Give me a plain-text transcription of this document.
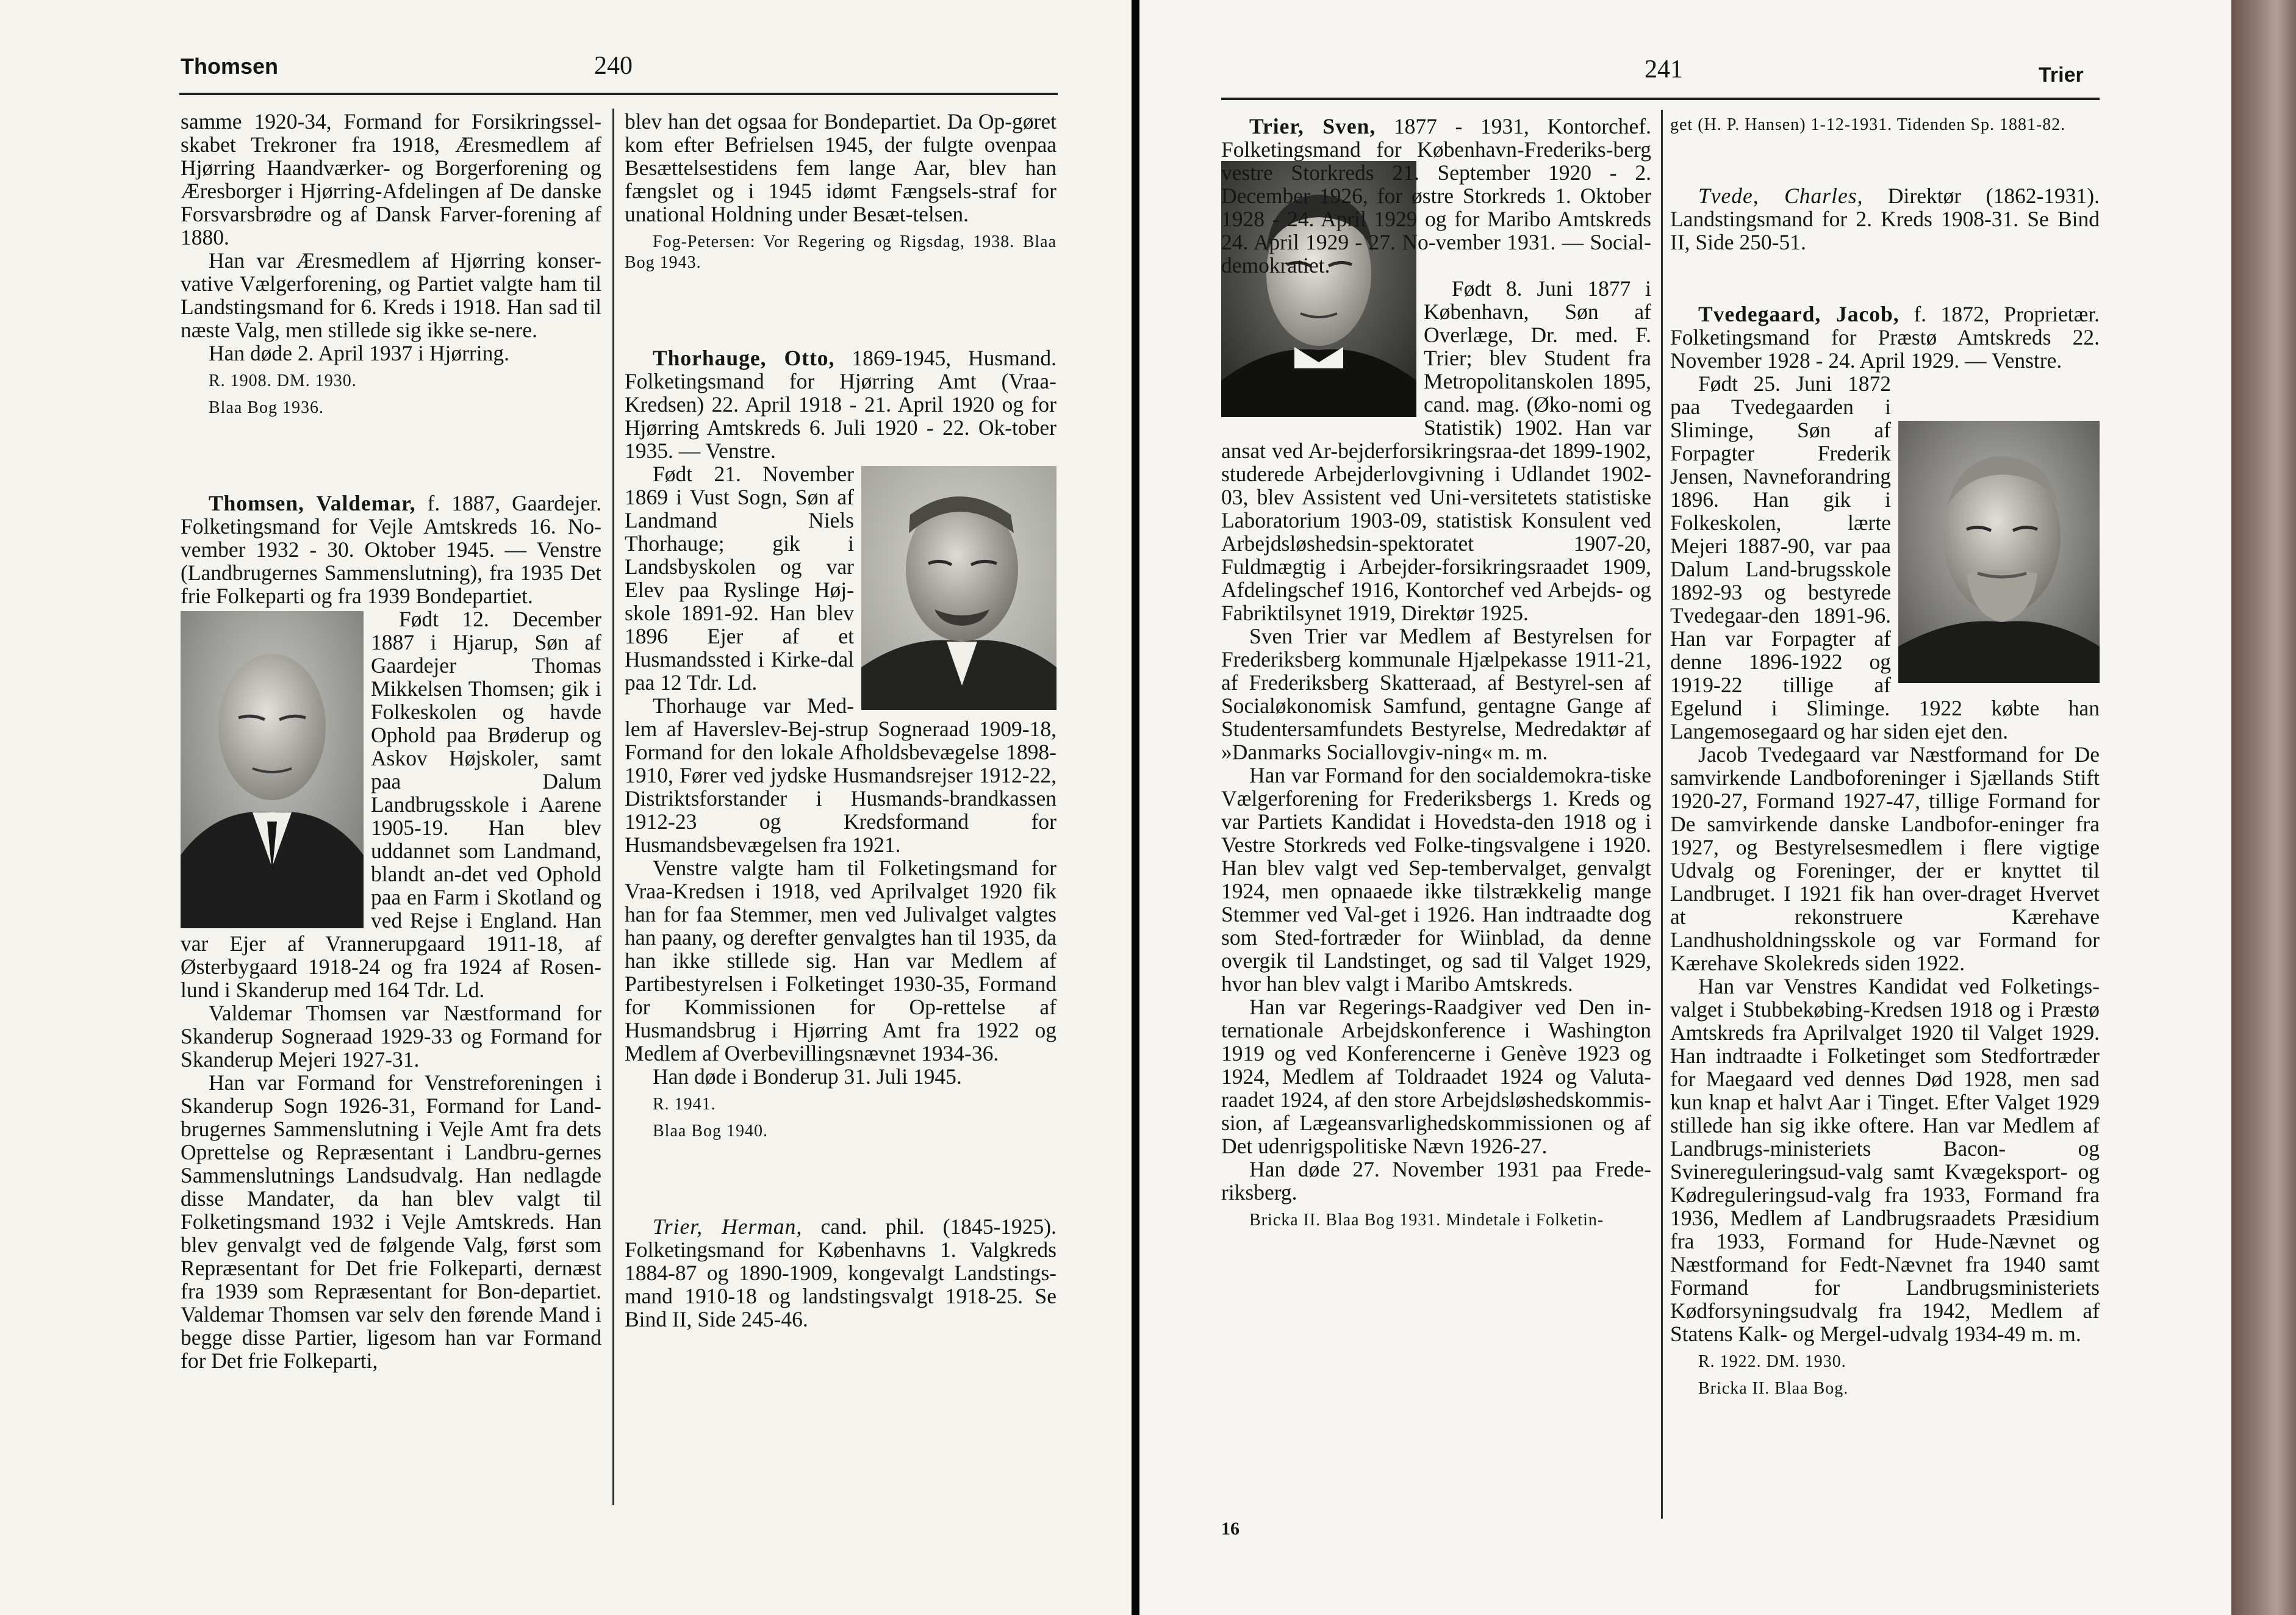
Thomsen	240

samme 1920-34, Formand for Forsikringssel-skabet Trekroner fra 1918, Æresmedlem af Hjørring Haandværker- og Borgerforening og Æresborger i Hjørring-Afdelingen af De danske Forsvarsbrødre og af Dansk Farver-forening af 1880.

Han var Æresmedlem af Hjørring konser-vative Vælgerforening, og Partiet valgte ham til Landstingsmand for 6. Kreds i 1918. Han sad til næste Valg, men stillede sig ikke se-nere.

Han døde 2. April 1937 i Hjørring.

R. 1908. DM. 1930.

Blaa Bog 1936.

Thomsen, Valdemar, f. 1887, Gaardejer. Folketingsmand for Vejle Amtskreds 16. No-vember 1932 - 30. Oktober 1945. — Venstre (Landbrugernes Sammenslutning), fra 1935 Det frie Folkeparti og fra 1939 Bondepartiet.

Født 12. December 1887 i Hjarup, Søn af Gaardejer Thomas Mikkelsen Thomsen; gik i Folkeskolen og havde Ophold paa Brøderup og Askov Højskoler, samt paa Dalum Landbrugsskole i Aarene 1905-19. Han blev uddannet som Landmand, blandt an-det ved Ophold paa en Farm i Skotland og ved Rejse i England. Han var Ejer af Vrannerupgaard 1911-18, af Østerbygaard 1918-24 og fra 1924 af Rosen-lund i Skanderup med 164 Tdr. Ld.

Valdemar Thomsen var Næstformand for Skanderup Sogneraad 1929-33 og Formand for Skanderup Mejeri 1927-31.

Han var Formand for Venstreforeningen i Skanderup Sogn 1926-31, Formand for Land-brugernes Sammenslutning i Vejle Amt fra dets Oprettelse og Repræsentant i Landbru-gernes Sammenslutnings Landsudvalg. Han nedlagde disse Mandater, da han blev valgt til Folketingsmand 1932 i Vejle Amtskreds. Han blev genvalgt ved de følgende Valg, først som Repræsentant for Det frie Folkeparti, dernæst fra 1939 som Repræsentant for Bon-departiet. Valdemar Thomsen var selv den førende Mand i begge disse Partier, ligesom han var Formand for Det frie Folkeparti,

blev han det ogsaa for Bondepartiet. Da Op-gøret kom efter Befrielsen 1945, der fulgte ovenpaa Besættelsestidens fem lange Aar, blev han fængslet og i 1945 idømt Fængsels-straf for unational Holdning under Besæt-telsen.

Fog-Petersen: Vor Regering og Rigsdag, 1938. Blaa Bog 1943.

Thorhauge, Otto, 1869-1945, Husmand. Folketingsmand for Hjørring Amt (Vraa-Kredsen) 22. April 1918 - 21. April 1920 og for Hjørring Amtskreds 6. Juli 1920 - 22. Ok-tober 1935. — Venstre.

Født 21. November 1869 i Vust Sogn, Søn af Landmand Niels Thorhauge; gik i Landsbyskolen og var Elev paa Ryslinge Høj-skole 1891-92. Han blev 1896 Ejer af et Husmandssted i Kirke-dal paa 12 Tdr. Ld.

Thorhauge var Med-lem af Haverslev-Bej-strup Sogneraad 1909-18, Formand for den lokale Afholdsbevægelse 1898-1910, Fører ved jydske Husmandsrejser 1912-22, Distriktsforstander i Husmands-brandkassen 1912-23 og Kredsformand for Husmandsbevægelsen fra 1921.

Venstre valgte ham til Folketingsmand for Vraa-Kredsen i 1918, ved Aprilvalget 1920 fik han for faa Stemmer, men ved Julivalget valgtes han paany, og derefter genvalgtes han til 1935, da han ikke stillede sig. Han var Medlem af Partibestyrelsen i Folketinget 1930-35, Formand for Kommissionen for Op-rettelse af Husmandsbrug i Hjørring Amt fra 1922 og Medlem af Overbevillingsnævnet 1934-36.

Han døde i Bonderup 31. Juli 1945.

R. 1941.

Blaa Bog 1940.

Trier, Herman, cand. phil. (1845-1925). Folketingsmand for Københavns 1. Valgkreds 1884-87 og 1890-1909, kongevalgt Landstings-mand 1910-18 og landstingsvalgt 1918-25. Se Bind II, Side 245-46.

241	Trier

Trier, Sven, 1877 - 1931, Kontorchef. Folketingsmand for København-Frederiks-berg vestre Storkreds 21. September 1920 - 2. December 1926, for østre Storkreds 1. Oktober 1928 - 24. April 1929 og for Maribo Amtskreds 24. April 1929 - 27. No-vember 1931. — Social-demokratiet.

Født 8. Juni 1877 i København, Søn af Overlæge, Dr. med. F. Trier; blev Student fra Metropolitanskolen 1895, cand. mag. (Øko-nomi og Statistik) 1902. Han var ansat ved Ar-bejderforsikringsraa-det 1899-1902, studerede Arbejderlovgivning i Udlandet 1902-03, blev Assistent ved Uni-versitetets statistiske Laboratorium 1903-09, statistisk Konsulent ved Arbejdsløshedsin-spektoratet 1907-20, Fuldmægtig i Arbejder-forsikringsraadet 1909, Afdelingschef 1916, Kontorchef ved Arbejds- og Fabriktilsynet 1919, Direktør 1925.

Sven Trier var Medlem af Bestyrelsen for Frederiksberg kommunale Hjælpekasse 1911-21, af Frederiksberg Skatteraad, af Bestyrel-sen af Socialøkonomisk Samfund, gentagne Gange af Studentersamfundets Bestyrelse, Medredaktør af »Danmarks Sociallovgiv-ning« m. m.

Han var Formand for den socialdemokra-tiske Vælgerforening for Frederiksbergs 1. Kreds og var Partiets Kandidat i Hovedsta-den 1918 og i Vestre Storkreds ved Folke-tingsvalgene i 1920. Han blev valgt ved Sep-tembervalget, genvalgt 1924, men opnaaede ikke tilstrækkelig mange Stemmer ved Val-get i 1926. Han indtraadte dog som Sted-fortræder for Wiinblad, da denne overgik til Landstinget, og sad til Valget 1929, hvor han blev valgt i Maribo Amtskreds.

Han var Regerings-Raadgiver ved Den in-ternationale Arbejdskonference i Washington 1919 og ved Konferencerne i Genève 1923 og 1924, Medlem af Toldraadet 1924 og Valuta-raadet 1924, af den store Arbejdsløshedskommis-sion, af Lægeansvarlighedskommissionen og af Det udenrigspolitiske Nævn 1926-27.

Han døde 27. November 1931 paa Frede-riksberg.

Bricka II. Blaa Bog 1931. Mindetale i Folketin-

get (H. P. Hansen) 1-12-1931. Tidenden Sp. 1881-82.

Tvede, Charles, Direktør (1862-1931). Landstingsmand for 2. Kreds 1908-31. Se Bind II, Side 250-51.

Tvedegaard, Jacob, f. 1872, Proprietær. Folketingsmand for Præstø Amtskreds 22. November 1928 - 24. April 1929. — Venstre.

Født 25. Juni 1872 paa Tvedegaarden i Sliminge, Søn af Forpagter Frederik Jensen, Navneforandring 1896. Han gik i Folkeskolen, lærte Mejeri 1887-90, var paa Dalum Land-brugsskole 1892-93 og bestyrede Tvedegaar-den 1891-96. Han var Forpagter af denne 1896-1922 og 1919-22 tillige af Egelund i Sliminge. 1922 købte han Langemosegaard og har siden ejet den.

Jacob Tvedegaard var Næstformand for De samvirkende Landboforeninger i Sjællands Stift 1920-27, Formand 1927-47, tillige Formand for De samvirkende danske Landbofor-eninger fra 1927, og Bestyrelsesmedlem i flere vigtige Udvalg og Foreninger, der er knyttet til Landbruget. I 1921 fik han over-draget Hvervet at rekonstruere Kærehave Landhusholdningsskole og var Formand for Kærehave Skolekreds siden 1922.

Han var Venstres Kandidat ved Folketings-valget i Stubbekøbing-Kredsen 1918 og i Præstø Amtskreds fra Aprilvalget 1920 til Valget 1929. Han indtraadte i Folketinget som Stedfortræder for Maegaard ved dennes Død 1928, men sad kun knap et halvt Aar i Tinget. Efter Valget 1929 stillede han sig ikke oftere. Han var Medlem af Landbrugs-ministeriets Bacon- og Svinereguleringsud-valg samt Kvægeksport- og Kødreguleringsud-valg fra 1933, Formand fra 1936, Medlem af Landbrugsraadets Præsidium fra 1933, Formand for Hude-Nævnet og Næstformand for Fedt-Nævnet fra 1940 samt Formand for Landbrugsministeriets Kødforsyningsudvalg fra 1942, Medlem af Statens Kalk- og Mergel-udvalg 1934-49 m. m.

R. 1922. DM. 1930.

Bricka II. Blaa Bog.

16
